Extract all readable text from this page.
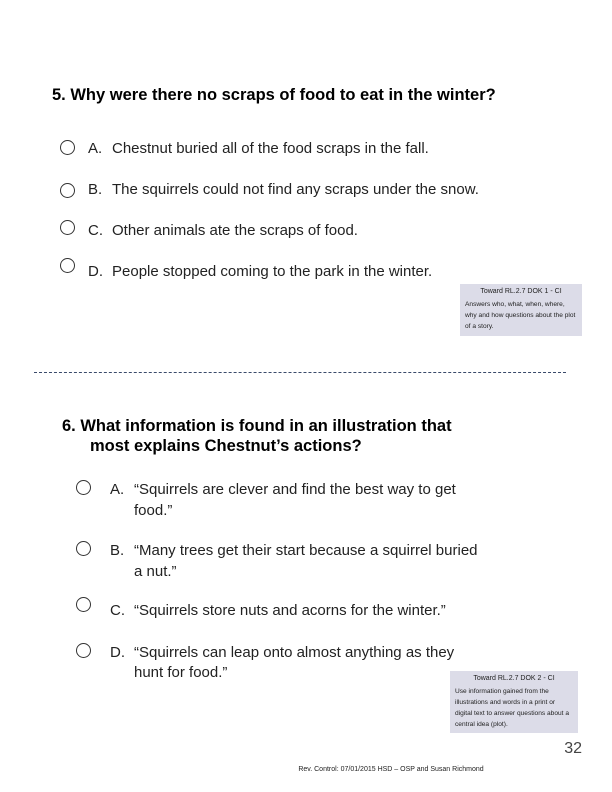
5. Why were there no scraps of food to eat in the winter?
A. Chestnut buried all of the food scraps in the fall.
B. The squirrels could not find any scraps under the snow.
C. Other animals ate the scraps of food.
D. People stopped coming to the park in the winter.
Toward RL.2.7 DOK 1 - CI
Answers who, what, when, where, why and how questions about the plot of a story.
6. What information is found in an illustration that
most explains Chestnut’s actions?
A. “Squirrels are clever and find the best way to get
food.”
B. “Many trees get their start because a squirrel buried
a nut.”
C. “Squirrels store nuts and acorns for the winter.”
D. “Squirrels can leap onto almost anything as they
hunt for food.”	Toward RL.2.7 DOK 2 - CI
Use information gained from the illustrations and words in a print or digital text to answer questions about a central idea (plot).
32
Rev. Control: 07/01/2015 HSD – OSP and Susan Richmond
